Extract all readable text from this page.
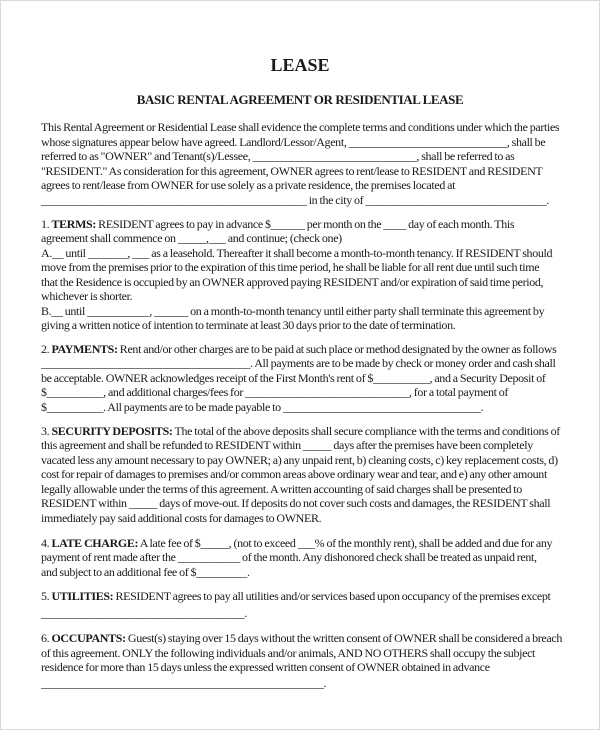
LEASE
BASIC RENTAL AGREEMENT OR RESIDENTIAL LEASE
This Rental Agreement or Residential Lease shall evidence the complete terms and conditions under which the parties
whose signatures appear below have agreed. Landlord/Lessor/Agent, ____________________________, shall be
referred to as "OWNER" and Tenant(s)/Lessee, _____________________________, shall be referred to as
"RESIDENT." As consideration for this agreement, OWNER agrees to rent/lease to RESIDENT and RESIDENT
agrees to rent/lease from OWNER for use solely as a private residence, the premises located at
_______________________________________________ in the city of ________________________________.
1. TERMS: RESIDENT agrees to pay in advance $______ per month on the ____ day of each month. This
agreement shall commence on _____,___ and continue; (check one)
A.__ until _______, ___ as a leasehold. Thereafter it shall become a month-to-month tenancy. If RESIDENT should
move from the premises prior to the expiration of this time period, he shall be liable for all rent due until such time
that the Residence is occupied by an OWNER approved paying RESIDENT and/or expiration of said time period,
whichever is shorter.
B.__ until ___________, ______ on a month-to-month tenancy until either party shall terminate this agreement by
giving a written notice of intention to terminate at least 30 days prior to the date of termination.
2. PAYMENTS: Rent and/or other charges are to be paid at such place or method designated by the owner as follows
_____________________________________. All payments are to be made by check or money order and cash shall
be acceptable. OWNER acknowledges receipt of the First Month's rent of $__________, and a Security Deposit of
$__________, and additional charges/fees for _____________________________, for a total payment of
$__________. All payments are to be made payable to ___________________________________.
3. SECURITY DEPOSITS: The total of the above deposits shall secure compliance with the terms and conditions of
this agreement and shall be refunded to RESIDENT within _____ days after the premises have been completely
vacated less any amount necessary to pay OWNER; a) any unpaid rent, b) cleaning costs, c) key replacement costs, d)
cost for repair of damages to premises and/or common areas above ordinary wear and tear, and e) any other amount
legally allowable under the terms of this agreement. A written accounting of said charges shall be presented to
RESIDENT within _____ days of move-out. If deposits do not cover such costs and damages, the RESIDENT shall
immediately pay said additional costs for damages to OWNER.
4. LATE CHARGE: A late fee of $_____, (not to exceed ___% of the monthly rent), shall be added and due for any
payment of rent made after the ___________ of the month. Any dishonored check shall be treated as unpaid rent,
and subject to an additional fee of $_________.
5. UTILITIES: RESIDENT agrees to pay all utilities and/or services based upon occupancy of the premises except
____________________________________.
6. OCCUPANTS: Guest(s) staying over 15 days without the written consent of OWNER shall be considered a breach
of this agreement. ONLY the following individuals and/or animals, AND NO OTHERS shall occupy the subject
residence for more than 15 days unless the expressed written consent of OWNER obtained in advance
__________________________________________________.
